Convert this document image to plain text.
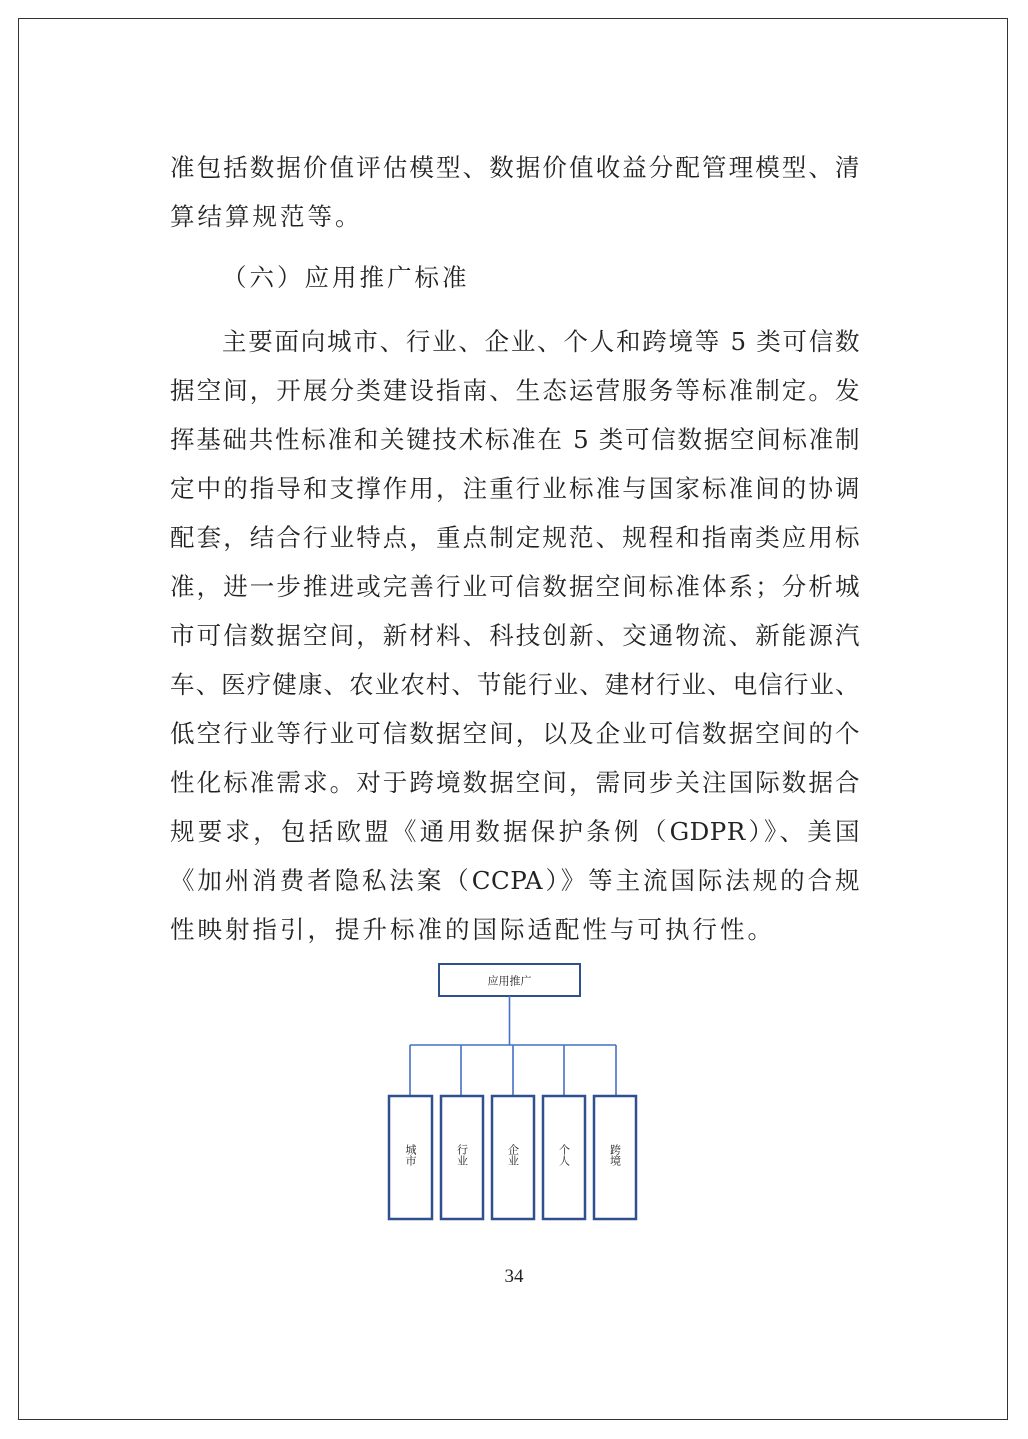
准包括数据价值评估模型、数据价值收益分配管理模型、清
算结算规范等。
（六）应用推广标准
主要面向城市、行业、企业、个人和跨境等 5 类可信数
据空间，开展分类建设指南、生态运营服务等标准制定。发
挥基础共性标准和关键技术标准在 5 类可信数据空间标准制
定中的指导和支撑作用，注重行业标准与国家标准间的协调
配套，结合行业特点，重点制定规范、规程和指南类应用标
准，进一步推进或完善行业可信数据空间标准体系；分析城
市可信数据空间，新材料、科技创新、交通物流、新能源汽
车、医疗健康、农业农村、节能行业、建材行业、电信行业、
低空行业等行业可信数据空间，以及企业可信数据空间的个
性化标准需求。对于跨境数据空间，需同步关注国际数据合
规要求，包括欧盟《通用数据保护条例（GDPR）》、美国
《加州消费者隐私法案（CCPA）》等主流国际法规的合规
性映射指引，提升标准的国际适配性与可执行性。
应用推广
城市	行业	企业	个人	跨境
34
